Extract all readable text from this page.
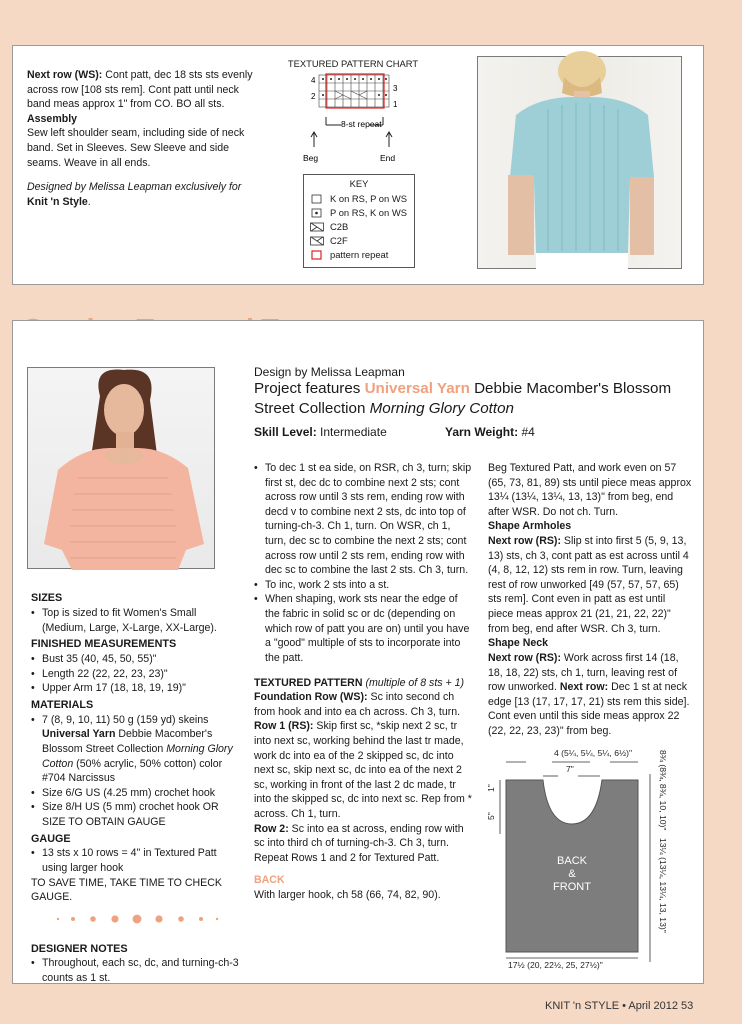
Next row (WS): Cont patt, dec 18 sts sts evenly across row [108 sts rem]. Cont patt until neck band meas approx 1" from CO. BO all sts.

Assembly

Sew left shoulder seam, including side of neck band. Set in Sleeves. Sew Sleeve and side seams. Weave in all ends.

Designed by Melissa Leapman exclusively for Knit 'n Style.

TEXTURED PATTERN CHART
4
2
3
1
8-st repeat
Beg	End
KEY
K on RS, P on WS
P on RS, K on WS
C2B
C2F
pattern repeat
Design by Melissa Leapman
Project features Universal Yarn Debbie Macomber's Blossom Street Collection Morning Glory Cotton
Skill Level: Intermediate	Yarn Weight: #4
SIZES
• Top is sized to fit Women's Small (Medium, Large, X-Large, XX-Large).
FINISHED MEASUREMENTS
• Bust 35 (40, 45, 50, 55)"
• Length 22 (22, 22, 23, 23)"
• Upper Arm 17 (18, 18, 19, 19)"
MATERIALS
• 7 (8, 9, 10, 11) 50 g (159 yd) skeins Universal Yarn Debbie Macomber's Blossom Street Collection Morning Glory Cotton (50% acrylic, 50% cotton) color #704 Narcissus
• Size 6/G US (4.25 mm) crochet hook
• Size 8/H US (5 mm) crochet hook OR SIZE TO OBTAIN GAUGE
GAUGE
• 13 sts x 10 rows = 4" in Textured Patt using larger hook
TO SAVE TIME, TAKE TIME TO CHECK GAUGE.
DESIGNER NOTES
• Throughout, each sc, dc, and turning-ch-3 counts as 1 st.
• To dec 1 st ea side, on RSR, ch 3, turn; skip first st, dec dc to combine next 2 sts; cont across row until 3 sts rem, ending row with decd v to combine next 2 sts, dc into top of turning-ch-3. Ch 1, turn. On WSR, ch 1, turn, dec sc to combine the next 2 sts; cont across row until 2 sts rem, ending row with dec sc to combine the last 2 sts. Ch 3, turn.
• To inc, work 2 sts into a st.
• When shaping, work sts near the edge of the fabric in solid sc or dc (depending on which row of patt you are on) until you have a "good" multiple of sts to incorporate into the patt.

TEXTURED PATTERN (multiple of 8 sts + 1)

Foundation Row (WS): Sc into second ch from hook and into ea ch across. Ch 3, turn.

Row 1 (RS): Skip first sc, *skip next 2 sc, tr into next sc, working behind the last tr made, work dc into ea of the 2 skipped sc, dc into next sc, skip next sc, dc into ea of the next 2 sc, working in front of the last 2 dc made, tr into the skipped sc, dc into next sc. Rep from * across. Ch 1, turn.

Row 2: Sc into ea st across, ending row with sc into third ch of turning-ch-3. Ch 3, turn.

Repeat Rows 1 and 2 for Textured Patt.

BACK

With larger hook, ch 58 (66, 74, 82, 90).

Beg Textured Patt, and work even on 57 (65, 73, 81, 89) sts until piece meas approx 13¼ (13¼, 13¼, 13, 13)" from beg, end after WSR. Do not ch. Turn.

Shape Armholes

Next row (RS): Slip st into first 5 (5, 9, 13, 13) sts, ch 3, cont patt as est across until 4 (4, 8, 12, 12) sts rem in row. Turn, leaving rest of row unworked [49 (57, 57, 57, 65) sts rem]. Cont even in patt as est until piece meas approx 21 (21, 21, 22, 22)" from beg, end after WSR. Ch 3, turn.

Shape Neck

Next row (RS): Work across first 14 (18, 18, 18, 22) sts, ch 1, turn, leaving rest of row unworked. Next row: Dec 1 st at neck edge [13 (17, 17, 17, 21) sts rem this side]. Cont even until this side meas approx 22 (22, 22, 23, 23)" from beg.

4 (5¼, 5¼, 5¼, 6½)"
7"	8¾ (8¾, 8¾, 10, 10)"
13¼ (13¼, 13¼, 13, 13)"
5"
1"
17½ (20, 22½, 25, 27½)"
BACK
&
FRONT
KNIT 'n STYLE • April 2012 53
